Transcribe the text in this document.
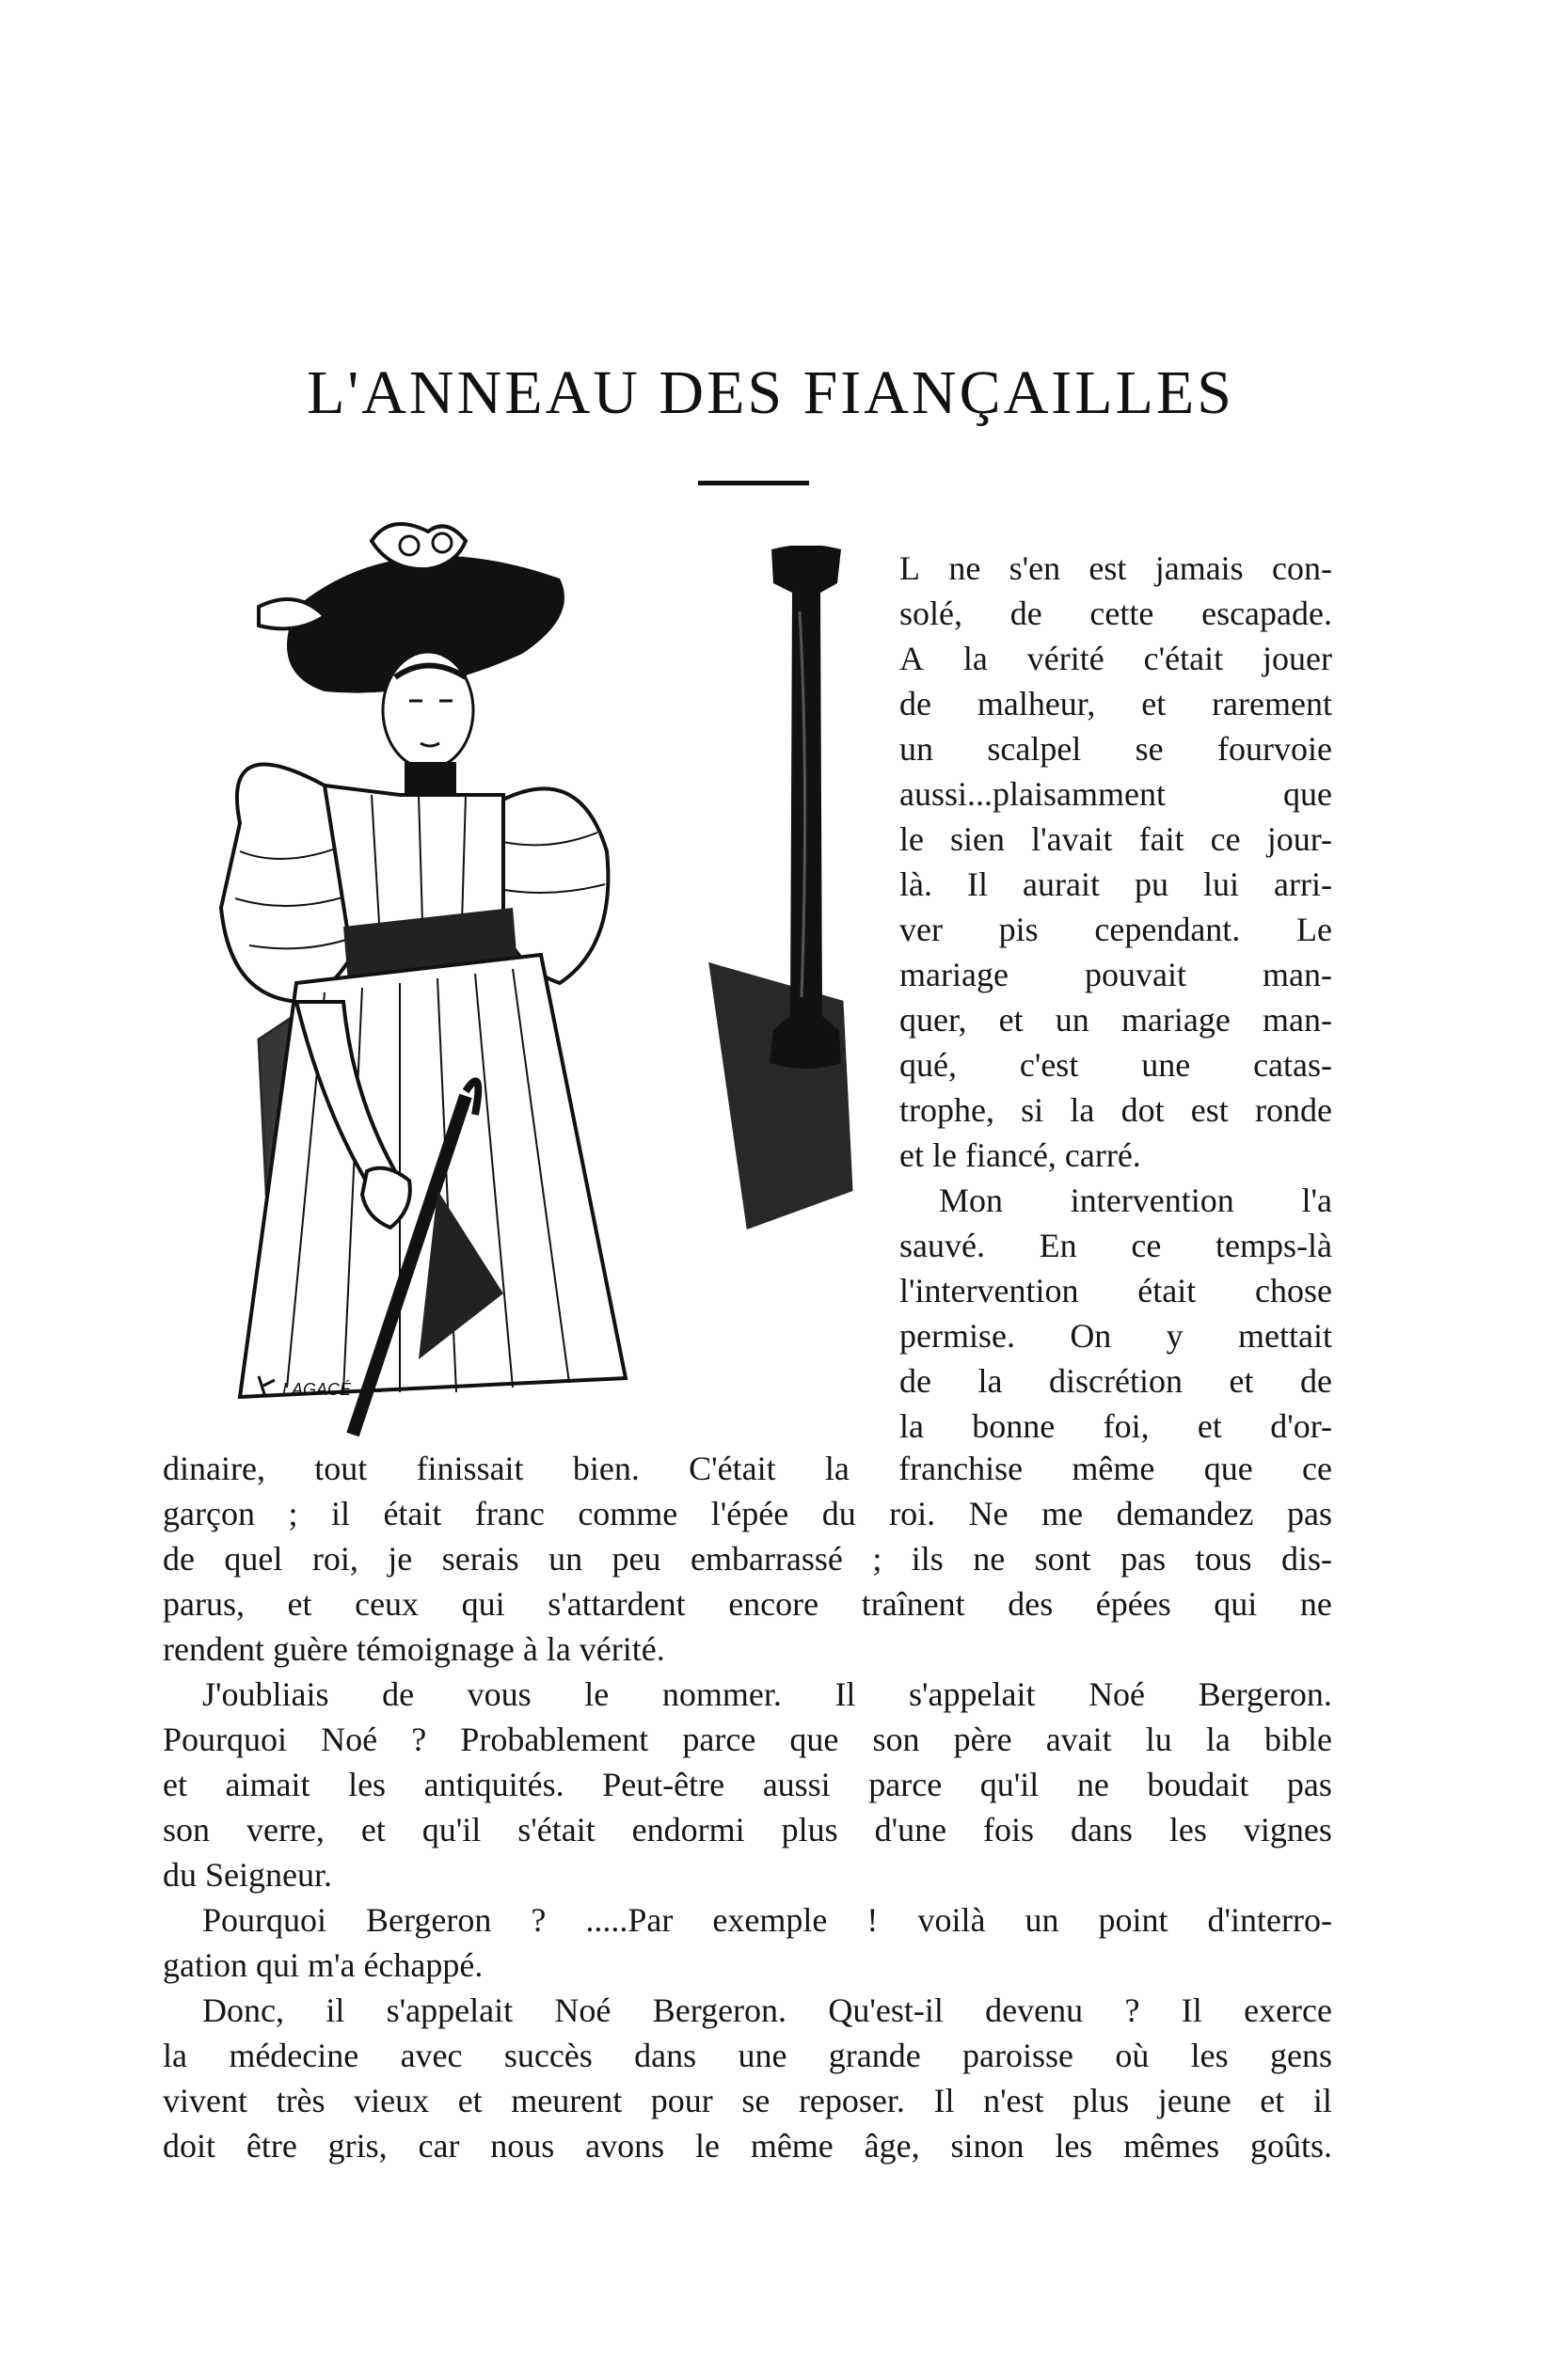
L'ANNEAU DES FIANÇAILLES
LAGACÉ
L ne s'en est jamais con-
solé, de cette escapade.
A la vérité c'était jouer
de malheur, et rarement
un scalpel se fourvoie
aussi...plaisamment	que
le sien l'avait fait ce jour-
là. Il aurait pu lui arri-
ver pis cependant. Le
mariage pouvait man-
quer, et un mariage man-
qué, c'est une catas-
trophe, si la dot est ronde
et le fiancé, carré.
Mon intervention l'a
sauvé. En ce temps-là
l'intervention était chose
permise. On y mettait
de la discrétion et de
la bonne foi, et d'or-
dinaire, tout finissait bien. C'était la franchise même que ce
garçon ; il était franc comme l'épée du roi. Ne me demandez pas
de quel roi, je serais un peu embarrassé ; ils ne sont pas tous dis-
parus, et ceux qui s'attardent encore traînent des épées qui ne
rendent guère témoignage à la vérité.
J'oubliais de vous le nommer. Il s'appelait Noé Bergeron.
Pourquoi Noé ? Probablement parce que son père avait lu la bible
et aimait les antiquités. Peut-être aussi parce qu'il ne boudait pas
son verre, et qu'il s'était endormi plus d'une fois dans les vignes
du Seigneur.
Pourquoi Bergeron ? .....Par exemple ! voilà un point d'interro-
gation qui m'a échappé.
Donc, il s'appelait Noé Bergeron. Qu'est-il devenu ? Il exerce
la médecine avec succès dans une grande paroisse où les gens
vivent très vieux et meurent pour se reposer. Il n'est plus jeune et il
doit être gris, car nous avons le même âge, sinon les mêmes goûts.
